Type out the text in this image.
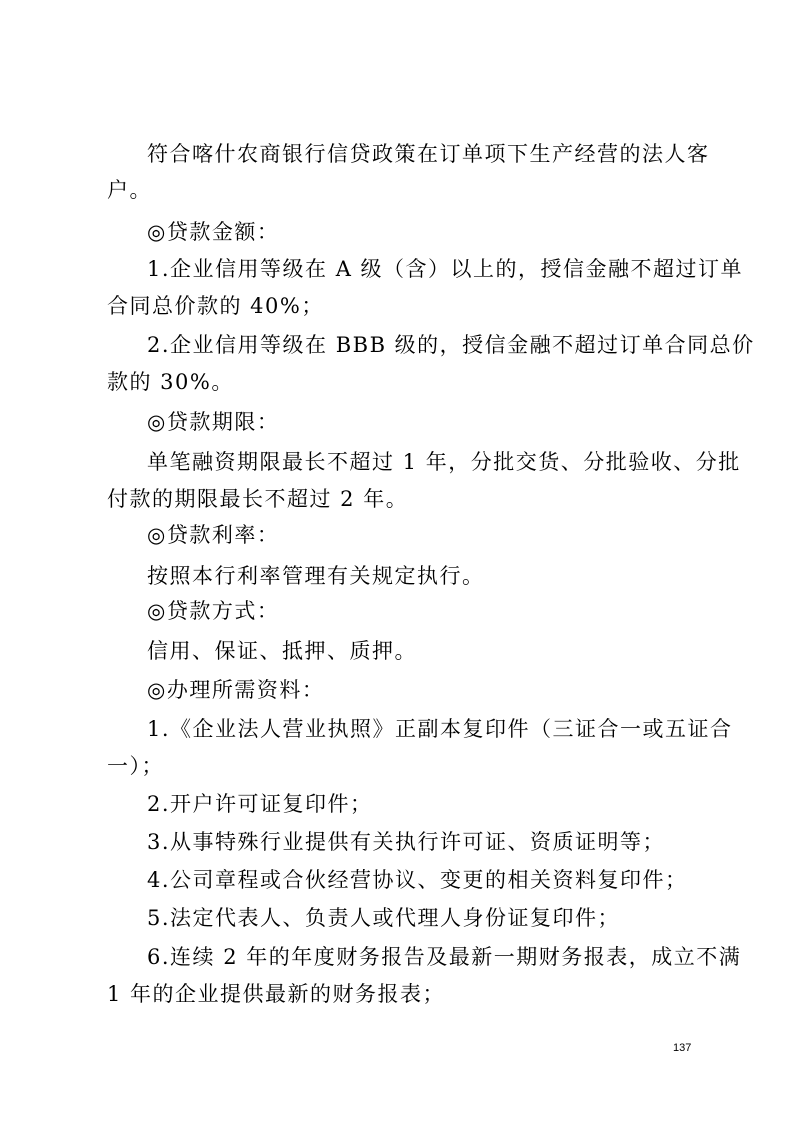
符合喀什农商银行信贷政策在订单项下生产经营的法人客
户。
◎贷款金额：
1.企业信用等级在 A 级（含）以上的，授信金融不超过订单
合同总价款的 40%；
2.企业信用等级在 BBB 级的，授信金融不超过订单合同总价
款的 30%。
◎贷款期限：
单笔融资期限最长不超过 1 年，分批交货、分批验收、分批
付款的期限最长不超过 2 年。
◎贷款利率：
按照本行利率管理有关规定执行。
◎贷款方式：
信用、保证、抵押、质押。
◎办理所需资料：
1.《企业法人营业执照》正副本复印件（三证合一或五证合
一）；
2.开户许可证复印件；
3.从事特殊行业提供有关执行许可证、资质证明等；
4.公司章程或合伙经营协议、变更的相关资料复印件；
5.法定代表人、负责人或代理人身份证复印件；
6.连续 2 年的年度财务报告及最新一期财务报表，成立不满
1 年的企业提供最新的财务报表；
137
